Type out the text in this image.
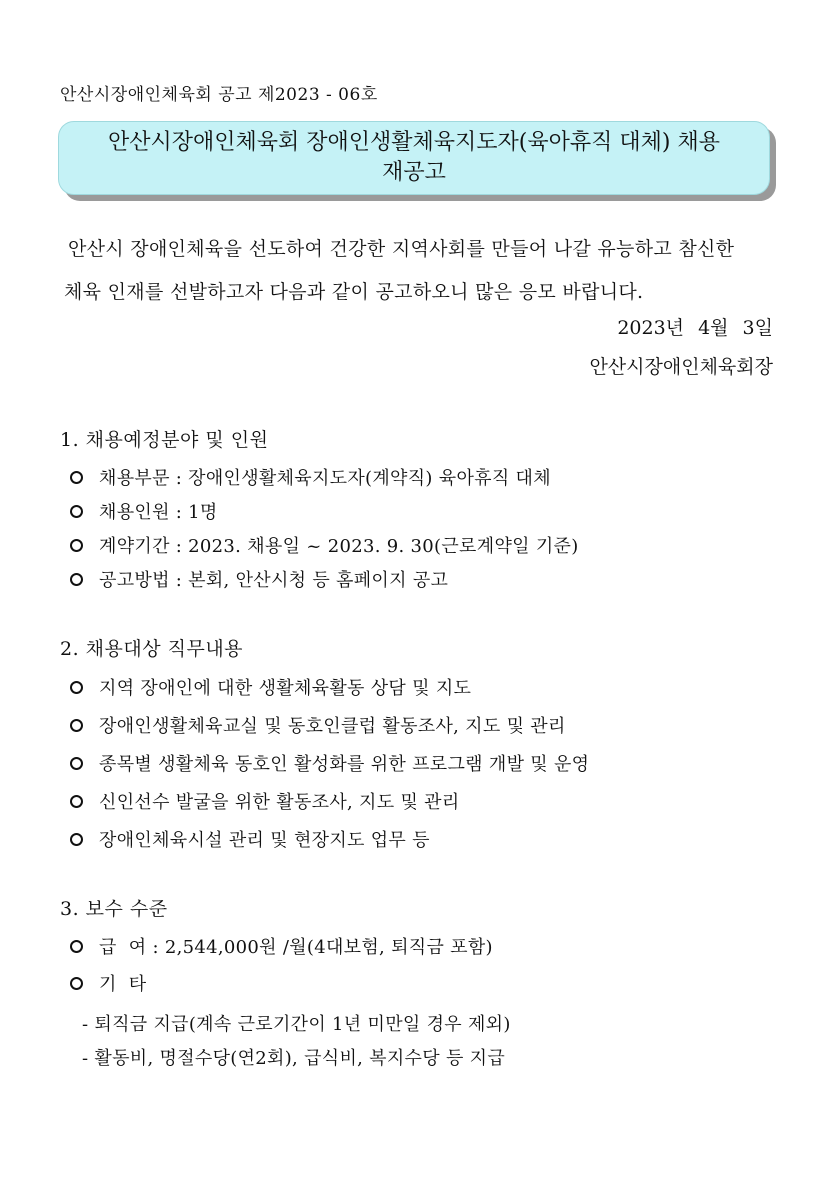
안산시장애인체육회 공고 제2023 - 06호
안산시장애인체육회 장애인생활체육지도자(육아휴직 대체) 채용
재공고
안산시 장애인체육을 선도하여 건강한 지역사회를 만들어 나갈 유능하고 참신한
체육 인재를 선발하고자 다음과 같이 공고하오니 많은 응모 바랍니다.
2023년 4월 3일
안산시장애인체육회장
1. 채용예정분야 및 인원
채용부문 : 장애인생활체육지도자(계약직) 육아휴직 대체
채용인원 : 1명
계약기간 : 2023. 채용일 ~ 2023. 9. 30(근로계약일 기준)
공고방법 : 본회, 안산시청 등 홈페이지 공고
2. 채용대상 직무내용
지역 장애인에 대한 생활체육활동 상담 및 지도
장애인생활체육교실 및 동호인클럽 활동조사, 지도 및 관리
종목별 생활체육 동호인 활성화를 위한 프로그램 개발 및 운영
신인선수 발굴을 위한 활동조사, 지도 및 관리
장애인체육시설 관리 및 현장지도 업무 등
3. 보수 수준
급  여 : 2,544,000원 /월(4대보험, 퇴직금 포함)
기  타
- 퇴직금 지급(계속 근로기간이 1년 미만일 경우 제외)
- 활동비, 명절수당(연2회), 급식비, 복지수당 등 지급
